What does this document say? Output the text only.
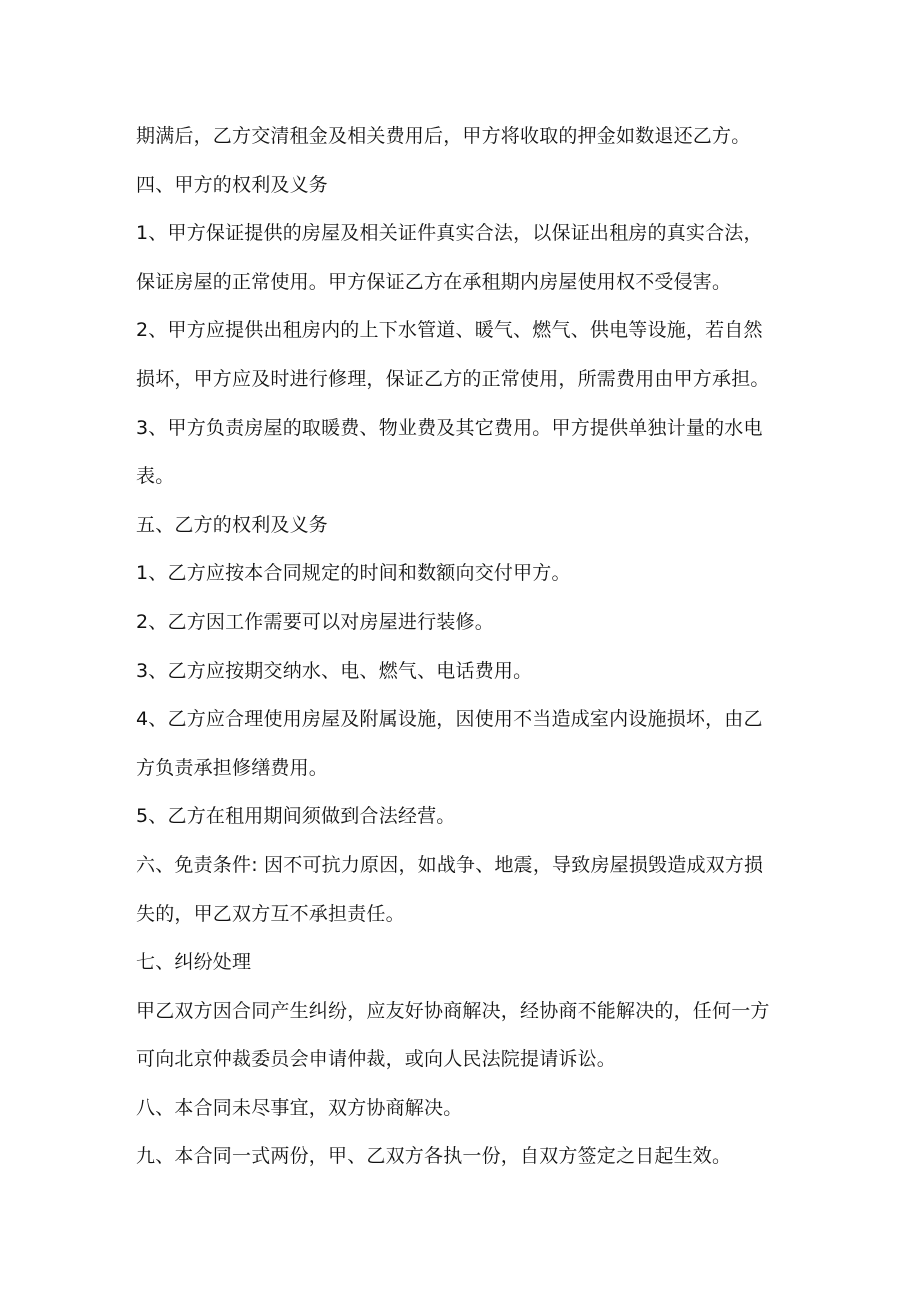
期满后，乙方交清租金及相关费用后，甲方将收取的押金如数退还乙方。
四、甲方的权利及义务
1、甲方保证提供的房屋及相关证件真实合法，以保证出租房的真实合法，
保证房屋的正常使用。甲方保证乙方在承租期内房屋使用权不受侵害。
2、甲方应提供出租房内的上下水管道、暖气、燃气、供电等设施，若自然
损坏，甲方应及时进行修理，保证乙方的正常使用，所需费用由甲方承担。
3、甲方负责房屋的取暖费、物业费及其它费用。甲方提供单独计量的水电
表。
五、乙方的权利及义务
1、乙方应按本合同规定的时间和数额向交付甲方。
2、乙方因工作需要可以对房屋进行装修。
3、乙方应按期交纳水、电、燃气、电话费用。
4、乙方应合理使用房屋及附属设施，因使用不当造成室内设施损坏，由乙
方负责承担修缮费用。
5、乙方在租用期间须做到合法经营。
六、免责条件: 因不可抗力原因，如战争、地震，导致房屋损毁造成双方损
失的，甲乙双方互不承担责任。
七、纠纷处理
甲乙双方因合同产生纠纷，应友好协商解决，经协商不能解决的，任何一方
可向北京仲裁委员会申请仲裁，或向人民法院提请诉讼。
八、本合同未尽事宜，双方协商解决。
九、本合同一式两份，甲、乙双方各执一份，自双方签定之日起生效。
